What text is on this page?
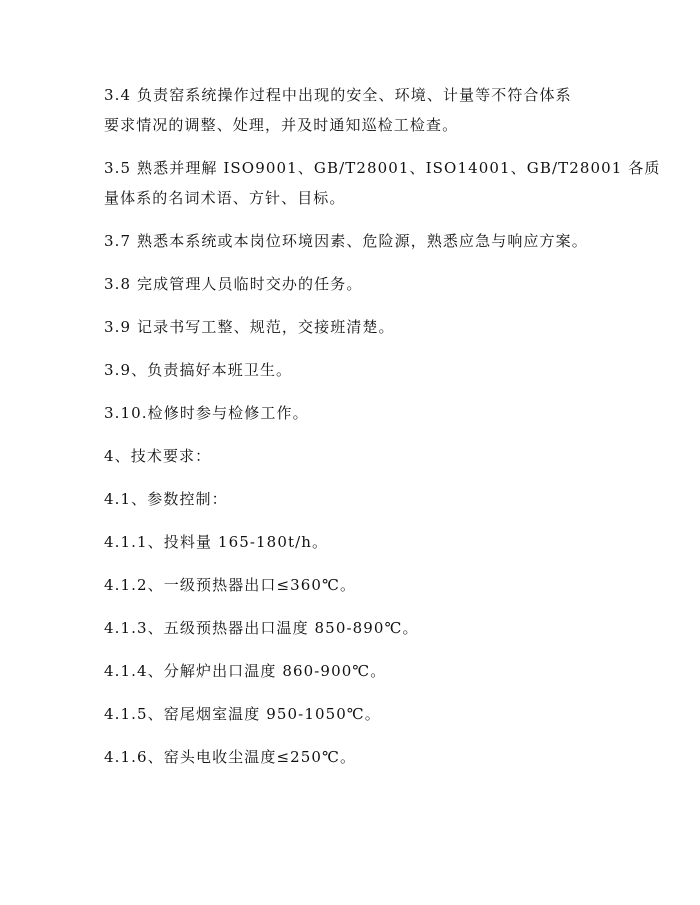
3.4 负责窑系统操作过程中出现的安全、环境、计量等不符合体系
要求情况的调整、处理，并及时通知巡检工检查。

3.5 熟悉并理解 ISO9001、GB/T28001、ISO14001、GB/T28001 各质
量体系的名词术语、方针、目标。

3.7 熟悉本系统或本岗位环境因素、危险源，熟悉应急与响应方案。

3.8 完成管理人员临时交办的任务。

3.9 记录书写工整、规范，交接班清楚。

3.9、负责搞好本班卫生。

3.10.检修时参与检修工作。

4、技术要求：

4.1、参数控制：

4.1.1、投料量 165-180t/h。

4.1.2、一级预热器出口≤360℃。

4.1.3、五级预热器出口温度 850-890℃。

4.1.4、分解炉出口温度 860-900℃。

4.1.5、窑尾烟室温度 950-1050℃。

4.1.6、窑头电收尘温度≤250℃。
